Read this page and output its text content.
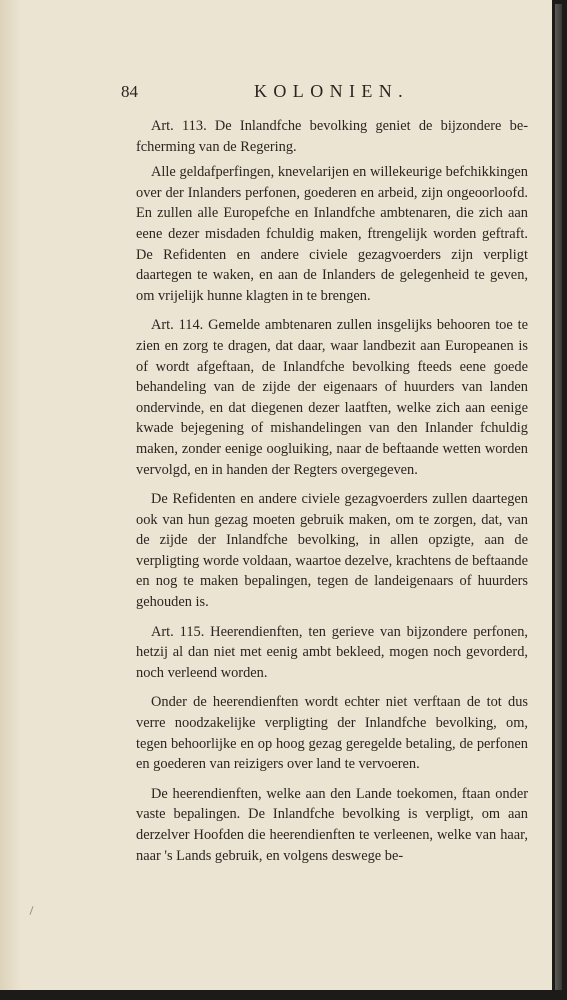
84	KOLONIEN.

Art. 113. De Inlandfche bevolking geniet de bijzondere befcherming van de Regering.

Alle geldafperfingen, knevelarijen en willekeurige befchikkingen over der Inlanders perfonen, goederen en arbeid, zijn ongeoorloofd. En zullen alle Europefche en Inlandfche ambtenaren, die zich aan eene dezer misdaden fchuldig maken, ftrengelijk worden geftraft. De Refidenten en andere civiele gezagvoerders zijn verpligt daartegen te waken, en aan de Inlanders de gelegenheid te geven, om vrijelijk hunne klagten in te brengen.

Art. 114. Gemelde ambtenaren zullen insgelijks behooren toe te zien en zorg te dragen, dat daar, waar landbezit aan Europeanen is of wordt afgeftaan, de Inlandfche bevolking fteeds eene goede behandeling van de zijde der eigenaars of huurders van landen ondervinde, en dat diegenen dezer laatften, welke zich aan eenige kwade bejegening of mishandelingen van den Inlander fchuldig maken, zonder eenige oogluiking, naar de beftaande wetten worden vervolgd, en in handen der Regters overgegeven.

De Refidenten en andere civiele gezagvoerders zullen daartegen ook van hun gezag moeten gebruik maken, om te zorgen, dat, van de zijde der Inlandfche bevolking, in allen opzigte, aan de verpligting worde voldaan, waartoe dezelve, krachtens de beftaande en nog te maken bepalingen, tegen de landeigenaars of huurders gehouden is.

Art. 115. Heerendienften, ten gerieve van bijzondere perfonen, hetzij al dan niet met eenig ambt bekleed, mogen noch gevorderd, noch verleend worden.

Onder de heerendienften wordt echter niet verftaan de tot dus verre noodzakelijke verpligting der Inlandfche bevolking, om, tegen behoorlijke en op hoog gezag geregelde betaling, de perfonen en goederen van reizigers over land te vervoeren.

De heerendienften, welke aan den Lande toekomen, ftaan onder vaste bepalingen. De Inlandfche bevolking is verpligt, om aan derzelver Hoofden die heerendienften te verleenen, welke van haar, naar 's Lands gebruik, en volgens deswege be-
